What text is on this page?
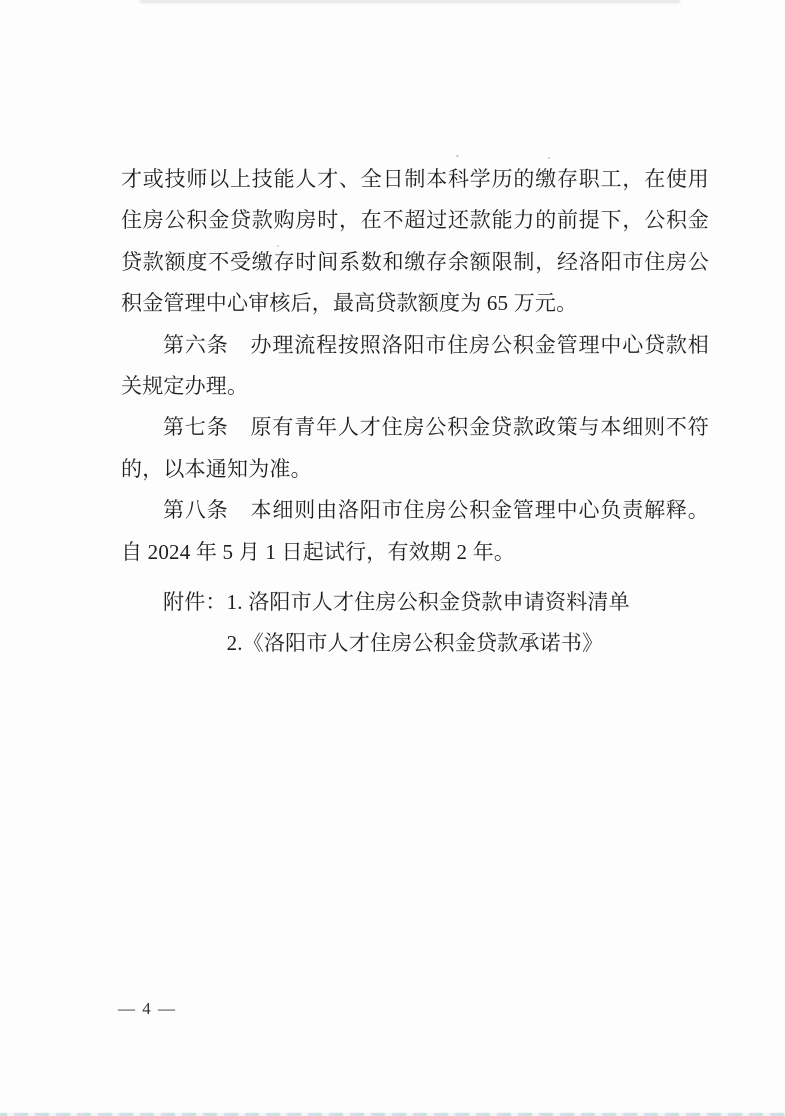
才或技师以上技能人才、全日制本科学历的缴存职工，在使用住房公积金贷款购房时，在不超过还款能力的前提下，公积金贷款额度不受缴存时间系数和缴存余额限制，经洛阳市住房公积金管理中心审核后，最高贷款额度为 65 万元。

第六条　办理流程按照洛阳市住房公积金管理中心贷款相关规定办理。

第七条　原有青年人才住房公积金贷款政策与本细则不符的，以本通知为准。

第八条　本细则由洛阳市住房公积金管理中心负责解释。自 2024 年 5 月 1 日起试行，有效期 2 年。

附件： 1. 洛阳市人才住房公积金贷款申请资料清单
2.《洛阳市人才住房公积金贷款承诺书》
— 4 —
